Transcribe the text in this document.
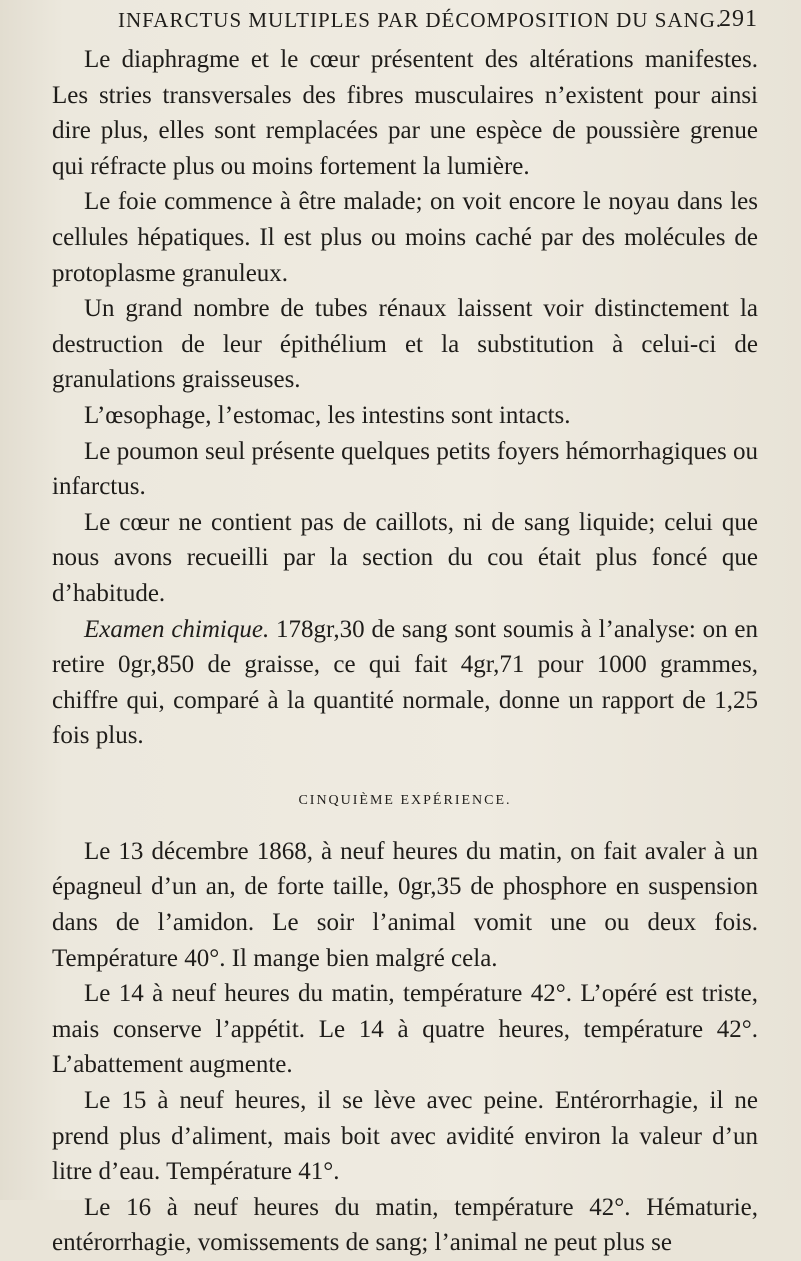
INFARCTUS MULTIPLES PAR DÉCOMPOSITION DU SANG.
291

Le diaphragme et le cœur présentent des altérations manifestes. Les stries transversales des fibres musculaires n’existent pour ainsi dire plus, elles sont remplacées par une espèce de poussière grenue qui réfracte plus ou moins fortement la lumière.

Le foie commence à être malade; on voit encore le noyau dans les cellules hépatiques. Il est plus ou moins caché par des molécules de protoplasme granuleux.

Un grand nombre de tubes rénaux laissent voir distinctement la destruction de leur épithélium et la substitution à celui-ci de granulations graisseuses.

L’œsophage, l’estomac, les intestins sont intacts.

Le poumon seul présente quelques petits foyers hémorrhagiques ou infarctus.

Le cœur ne contient pas de caillots, ni de sang liquide; celui que nous avons recueilli par la section du cou était plus foncé que d’habitude.

Examen chimique. 178gr,30 de sang sont soumis à l’analyse: on en retire 0gr,850 de graisse, ce qui fait 4gr,71 pour 1000 grammes, chiffre qui, comparé à la quantité normale, donne un rapport de 1,25 fois plus.

CINQUIÈME EXPÉRIENCE.

Le 13 décembre 1868, à neuf heures du matin, on fait avaler à un épagneul d’un an, de forte taille, 0gr,35 de phosphore en suspension dans de l’amidon. Le soir l’animal vomit une ou deux fois. Température 40°. Il mange bien malgré cela.

Le 14 à neuf heures du matin, température 42°. L’opéré est triste, mais conserve l’appétit. Le 14 à quatre heures, température 42°. L’abattement augmente.

Le 15 à neuf heures, il se lève avec peine. Entérorrhagie, il ne prend plus d’aliment, mais boit avec avidité environ la valeur d’un litre d’eau. Température 41°.

Le 16 à neuf heures du matin, température 42°. Hématurie, entérorrhagie, vomissements de sang; l’animal ne peut plus se
